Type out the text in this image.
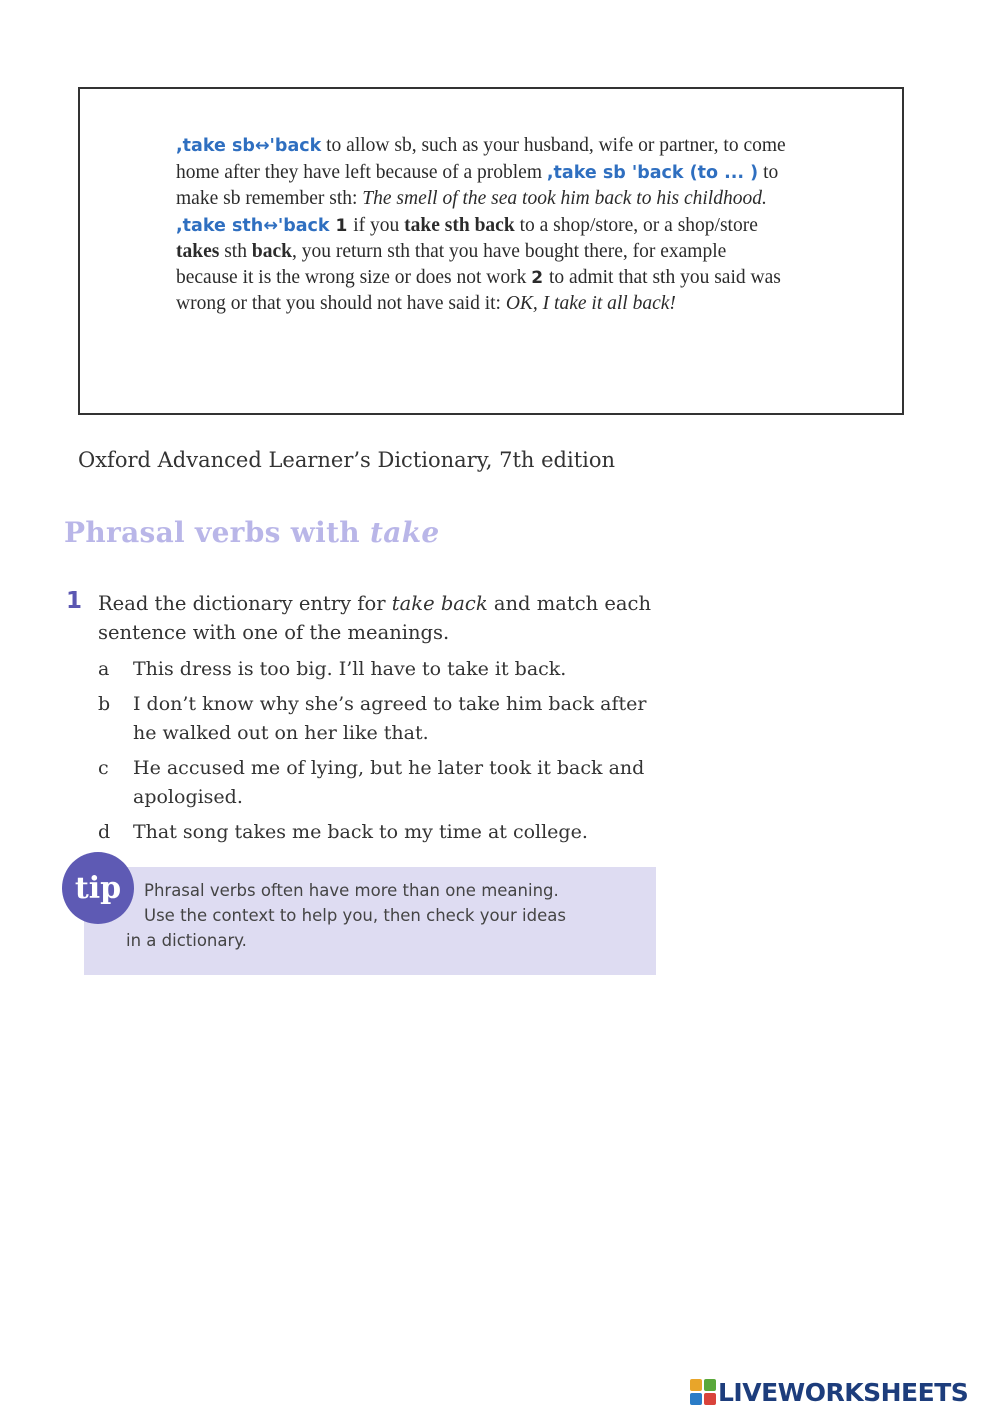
,take sb↔'back to allow sb, such as your husband, wife or partner, to come home after they have left because of a problem ,take sb 'back (to ... ) to make sb remember sth: The smell of the sea took him back to his childhood. ,take sth↔'back 1 if you take sth back to a shop/store, or a shop/store takes sth back, you return sth that you have bought there, for example because it is the wrong size or does not work 2 to admit that sth you said was wrong or that you should not have said it: OK, I take it all back!
Oxford Advanced Learner’s Dictionary, 7th edition
Phrasal verbs with take
1 Read the dictionary entry for take back and match each sentence with one of the meanings.
a This dress is too big. I’ll have to take it back.
b I don’t know why she’s agreed to take him back after he walked out on her like that.
c He accused me of lying, but he later took it back and apologised.
d That song takes me back to my time at college.
tip	Phrasal verbs often have more than one meaning.
Use the context to help you, then check your ideas
in a dictionary.
LIVEWORKSHEETS
